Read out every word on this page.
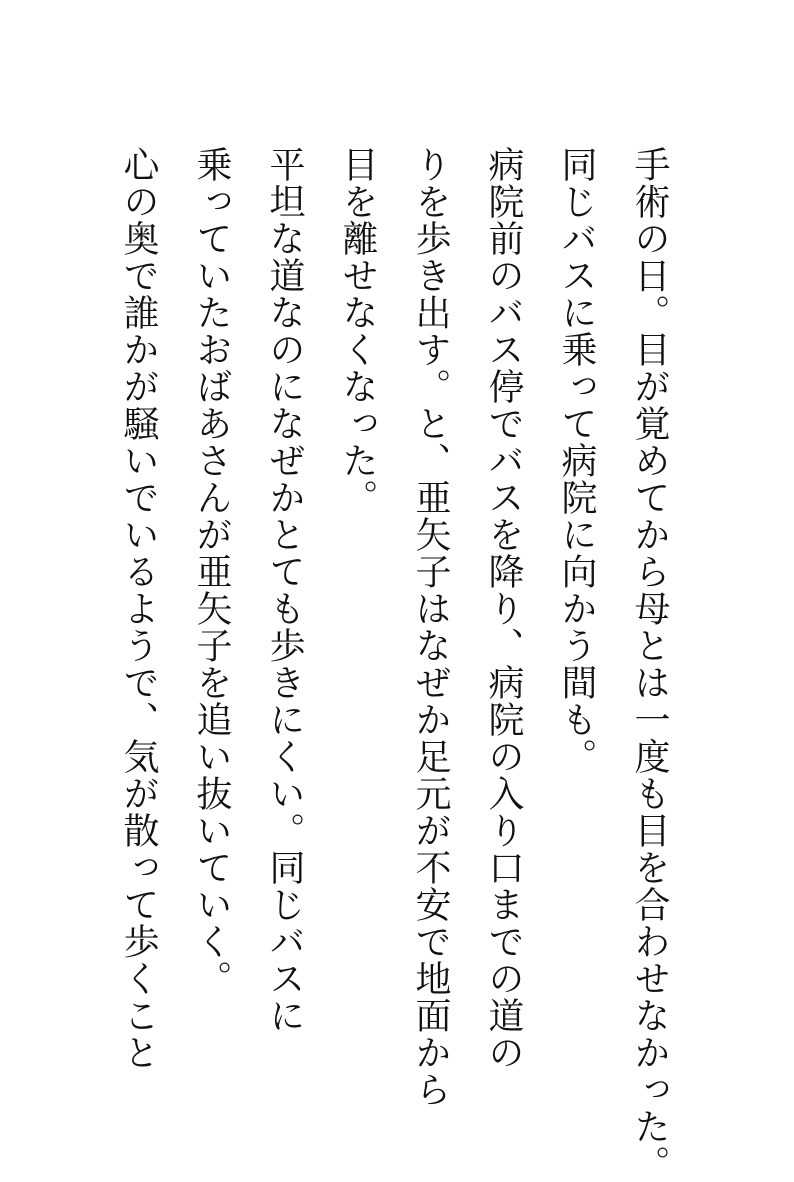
手術の日。目が覚めてから母とは一度も目を合わせなかった。
同じバスに乗って病院に向かう間も。
病院前のバス停でバスを降り、病院の入り口までの道の
りを歩き出す。と、亜矢子はなぜか足元が不安で地面から
目を離せなくなった。
平坦な道なのになぜかとても歩きにくい。同じバスに
乗っていたおばあさんが亜矢子を追い抜いていく。
心の奥で誰かが騒いでいるようで、気が散って歩くこと
